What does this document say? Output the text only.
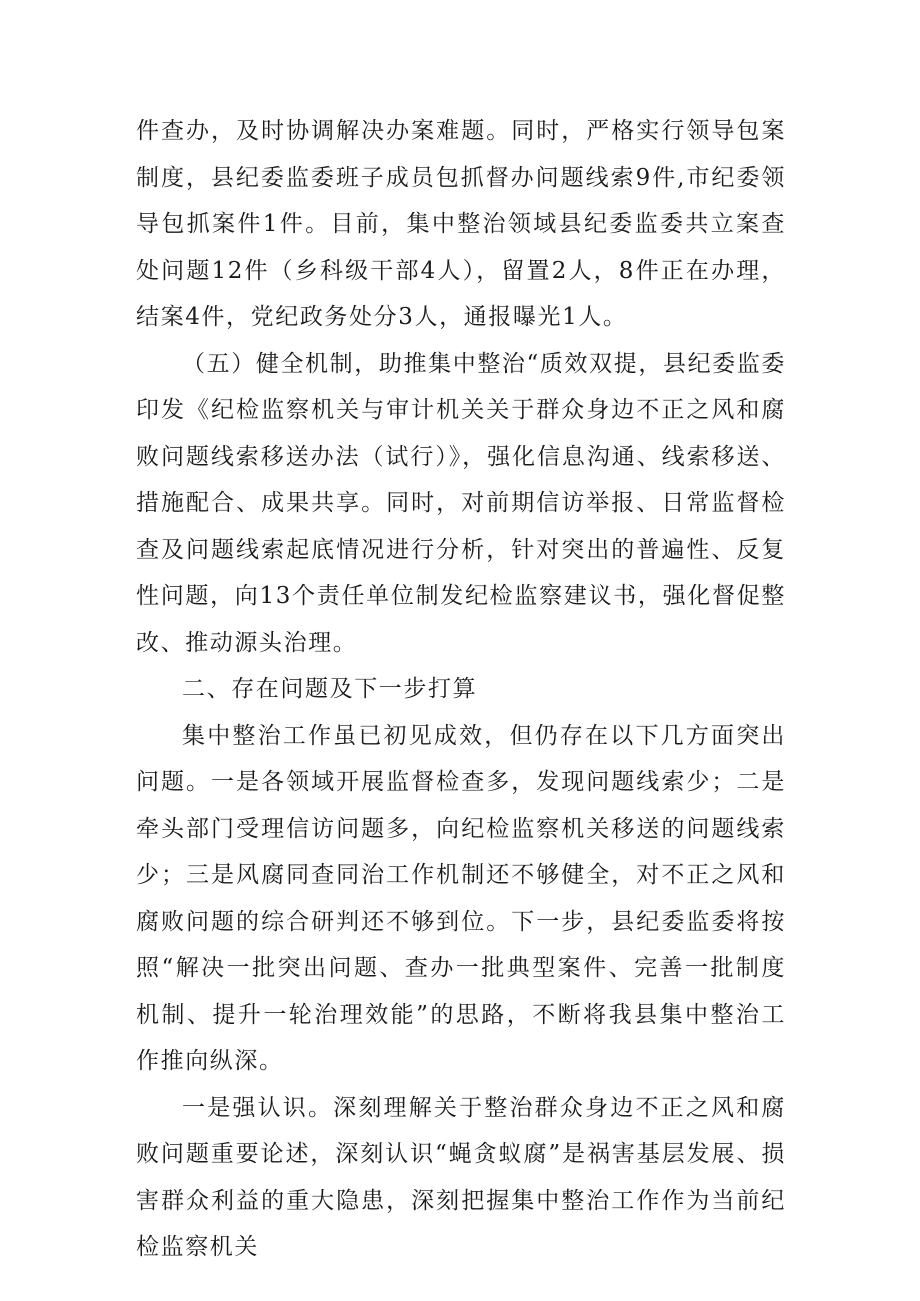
件查办，及时协调解决办案难题。同时，严格实行领导包案制度，县纪委监委班子成员包抓督办问题线索9件,市纪委领导包抓案件1件。目前，集中整治领域县纪委监委共立案查处问题12件（乡科级干部4人），留置2人，8件正在办理，结案4件，党纪政务处分3人，通报曝光1人。

（五）健全机制，助推集中整治“质效双提，县纪委监委印发《纪检监察机关与审计机关关于群众身边不正之风和腐败问题线索移送办法（试行）》，强化信息沟通、线索移送、措施配合、成果共享。同时，对前期信访举报、日常监督检查及问题线索起底情况进行分析，针对突出的普遍性、反复性问题，向13个责任单位制发纪检监察建议书，强化督促整改、推动源头治理。

二、存在问题及下一步打算

集中整治工作虽已初见成效，但仍存在以下几方面突出问题。一是各领域开展监督检查多，发现问题线索少；二是牵头部门受理信访问题多，向纪检监察机关移送的问题线索少；三是风腐同查同治工作机制还不够健全，对不正之风和腐败问题的综合研判还不够到位。下一步，县纪委监委将按照“解决一批突出问题、查办一批典型案件、完善一批制度机制、提升一轮治理效能”的思路，不断将我县集中整治工作推向纵深。

一是强认识。深刻理解关于整治群众身边不正之风和腐败问题重要论述，深刻认识“蝇贪蚁腐”是祸害基层发展、损害群众利益的重大隐患，深刻把握集中整治工作作为当前纪检监察机关
